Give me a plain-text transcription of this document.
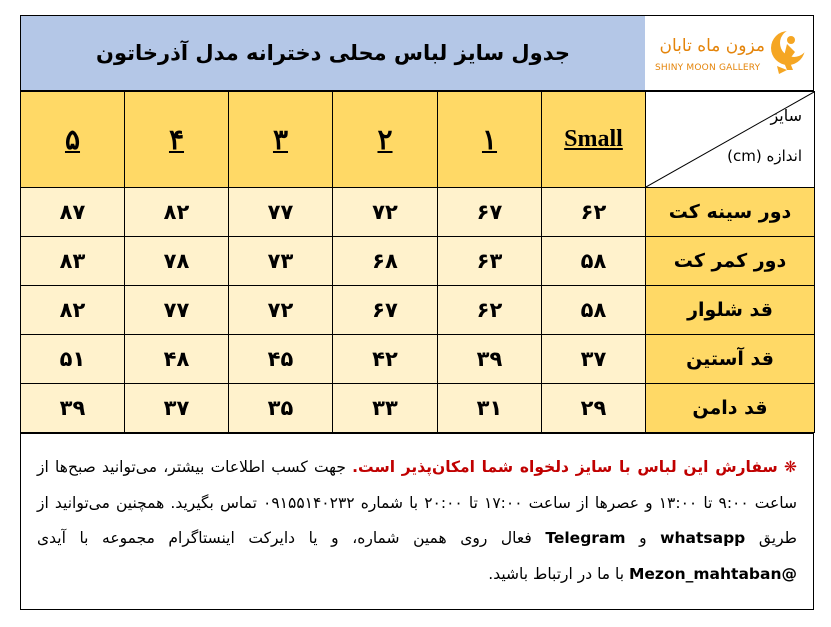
جدول سایز لباس محلی دخترانه مدل آذرخاتون	مزون ماه تابان
SHINY MOON GALLERY
۵	۴	۳	۲	۱	Small	سایز
اندازه (cm)

۸۷	۸۲	۷۷	۷۲	۶۷	۶۲	دور سینه کت
۸۳	۷۸	۷۳	۶۸	۶۳	۵۸	دور کمر کت
۸۲	۷۷	۷۲	۶۷	۶۲	۵۸	قد شلوار
۵۱	۴۸	۴۵	۴۲	۳۹	۳۷	قد آستین
۳۹	۳۷	۳۵	۳۳	۳۱	۲۹	قد دامن
❋ سفارش این لباس با سایز دلخواه شما امکان‌پذیر است. جهت کسب اطلاعات بیشتر، می‌توانید صبح‌ها از ساعت ۹:۰۰ تا ۱۳:۰۰ و عصرها از ساعت ۱۷:۰۰ تا ۲۰:۰۰ با شماره ۰۹۱۵۵۱۴۰۲۳۲ تماس بگیرید. همچنین می‌توانید از طریق whatsapp و Telegram فعال روی همین شماره، و یا دایرکت اینستاگرام مجموعه با آیدی @Mezon_mahtaban با ما در ارتباط باشید.
